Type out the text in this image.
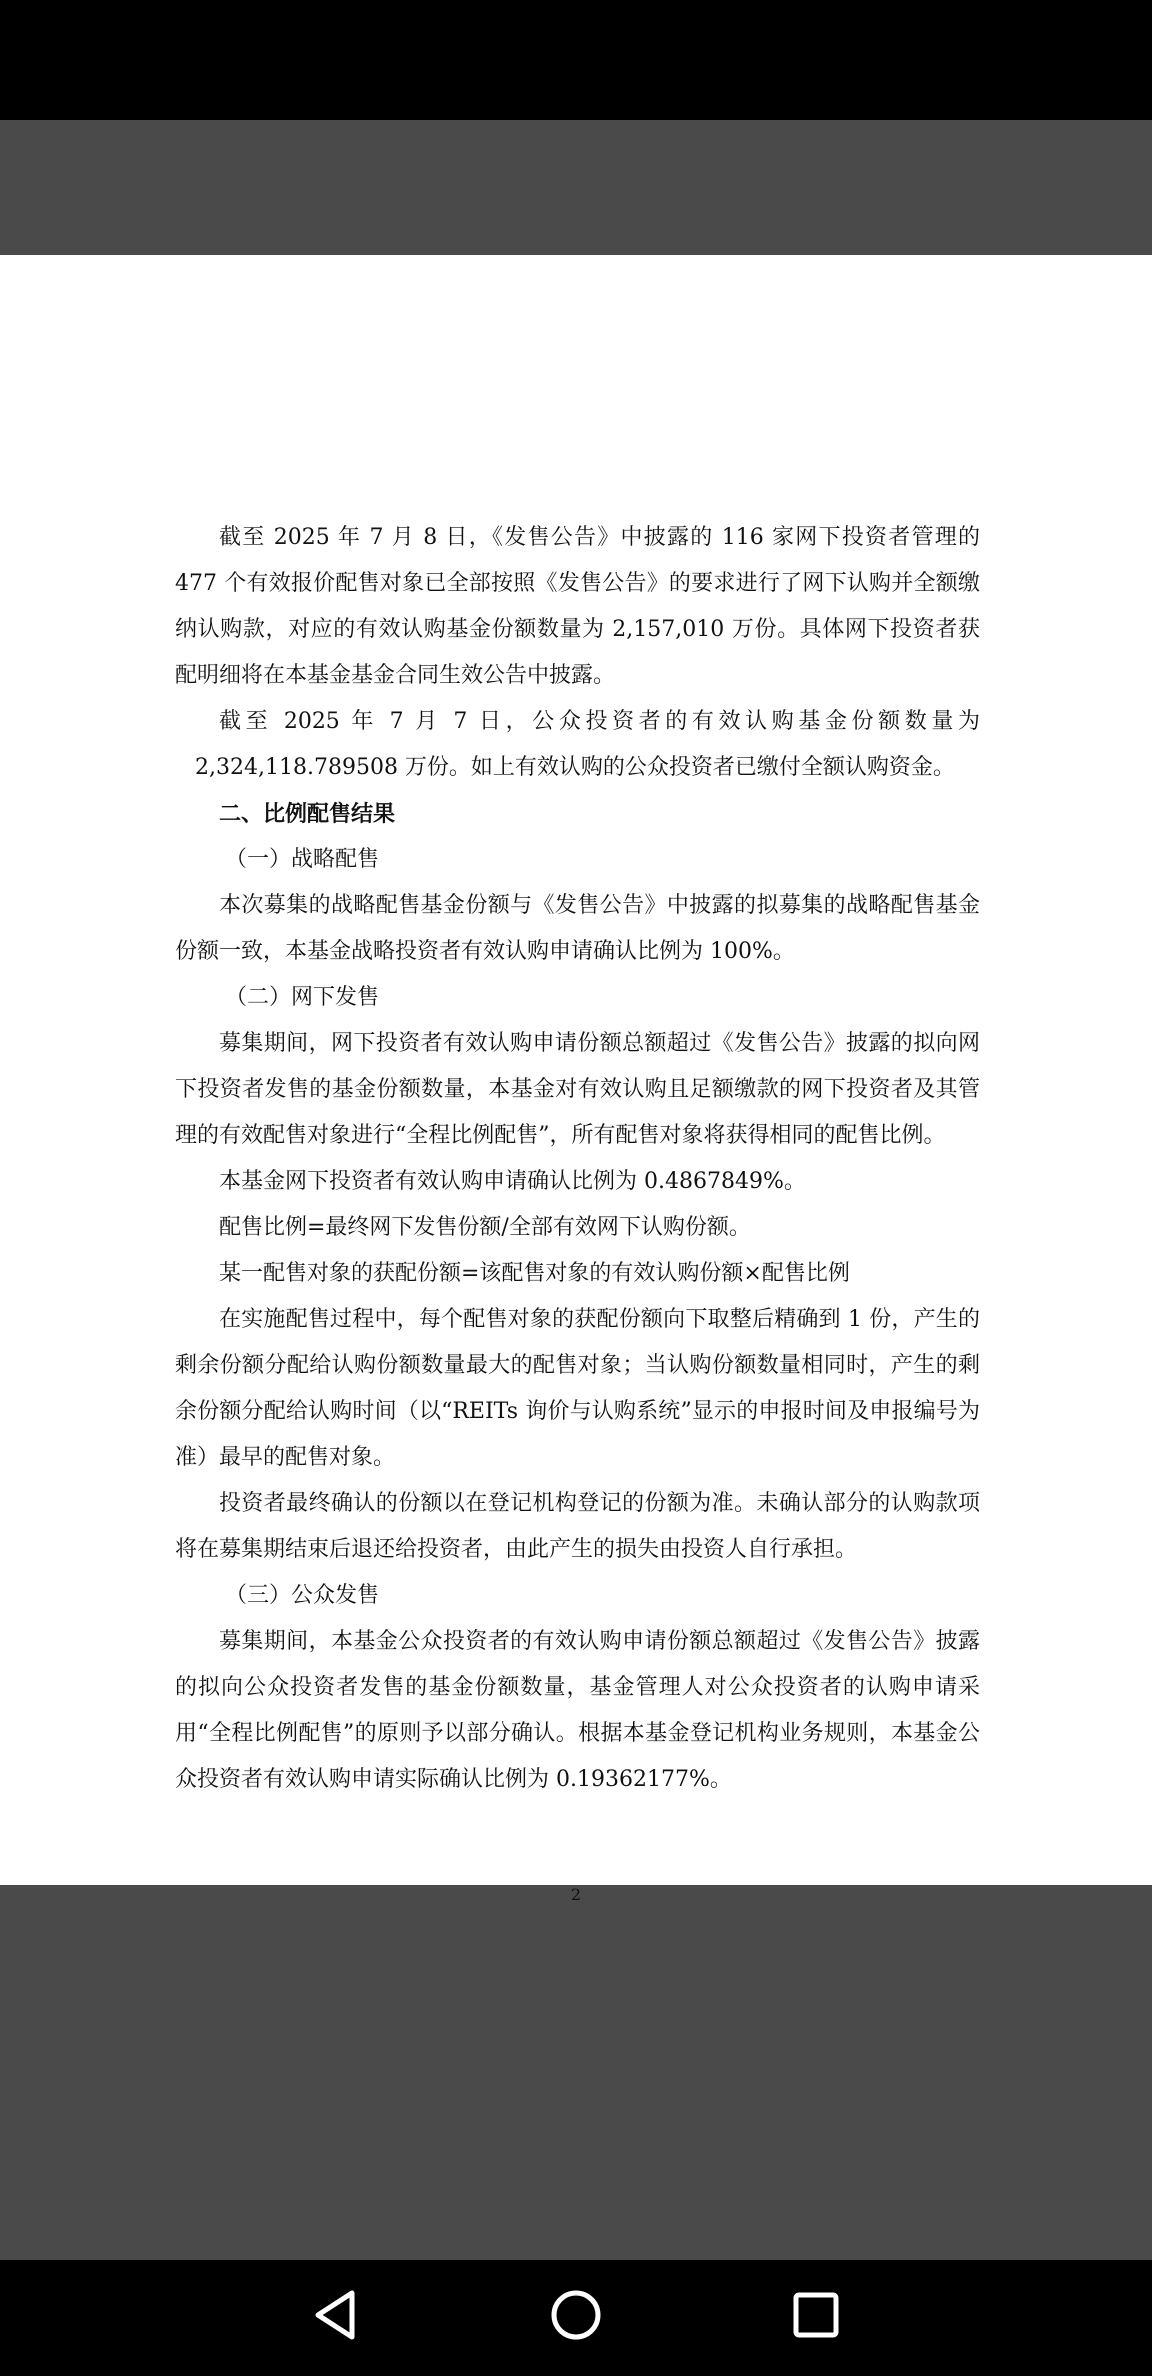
截至 2025 年 7 月 8 日，《发售公告》中披露的 116 家网下投资者管理的 477 个有效报价配售对象已全部按照《发售公告》的要求进行了网下认购并全额缴纳认购款，对应的有效认购基金份额数量为 2,157,010 万份。具体网下投资者获配明细将在本基金基金合同生效公告中披露。

截至 2025 年 7 月 7 日，公众投资者的有效认购基金份额数量为

2,324,118.789508 万份。如上有效认购的公众投资者已缴付全额认购资金。

二、比例配售结果

（一）战略配售

本次募集的战略配售基金份额与《发售公告》中披露的拟募集的战略配售基金份额一致，本基金战略投资者有效认购申请确认比例为 100%。

（二）网下发售

募集期间，网下投资者有效认购申请份额总额超过《发售公告》披露的拟向网下投资者发售的基金份额数量，本基金对有效认购且足额缴款的网下投资者及其管理的有效配售对象进行“全程比例配售”，所有配售对象将获得相同的配售比例。

本基金网下投资者有效认购申请确认比例为 0.4867849%。

配售比例=最终网下发售份额/全部有效网下认购份额。

某一配售对象的获配份额=该配售对象的有效认购份额×配售比例

在实施配售过程中，每个配售对象的获配份额向下取整后精确到 1 份，产生的剩余份额分配给认购份额数量最大的配售对象；当认购份额数量相同时，产生的剩余份额分配给认购时间（以“REITs 询价与认购系统”显示的申报时间及申报编号为准）最早的配售对象。

投资者最终确认的份额以在登记机构登记的份额为准。未确认部分的认购款项将在募集期结束后退还给投资者，由此产生的损失由投资人自行承担。

（三）公众发售

募集期间，本基金公众投资者的有效认购申请份额总额超过《发售公告》披露的拟向公众投资者发售的基金份额数量，基金管理人对公众投资者的认购申请采用“全程比例配售”的原则予以部分确认。根据本基金登记机构业务规则，本基金公众投资者有效认购申请实际确认比例为 0.19362177%。

2
